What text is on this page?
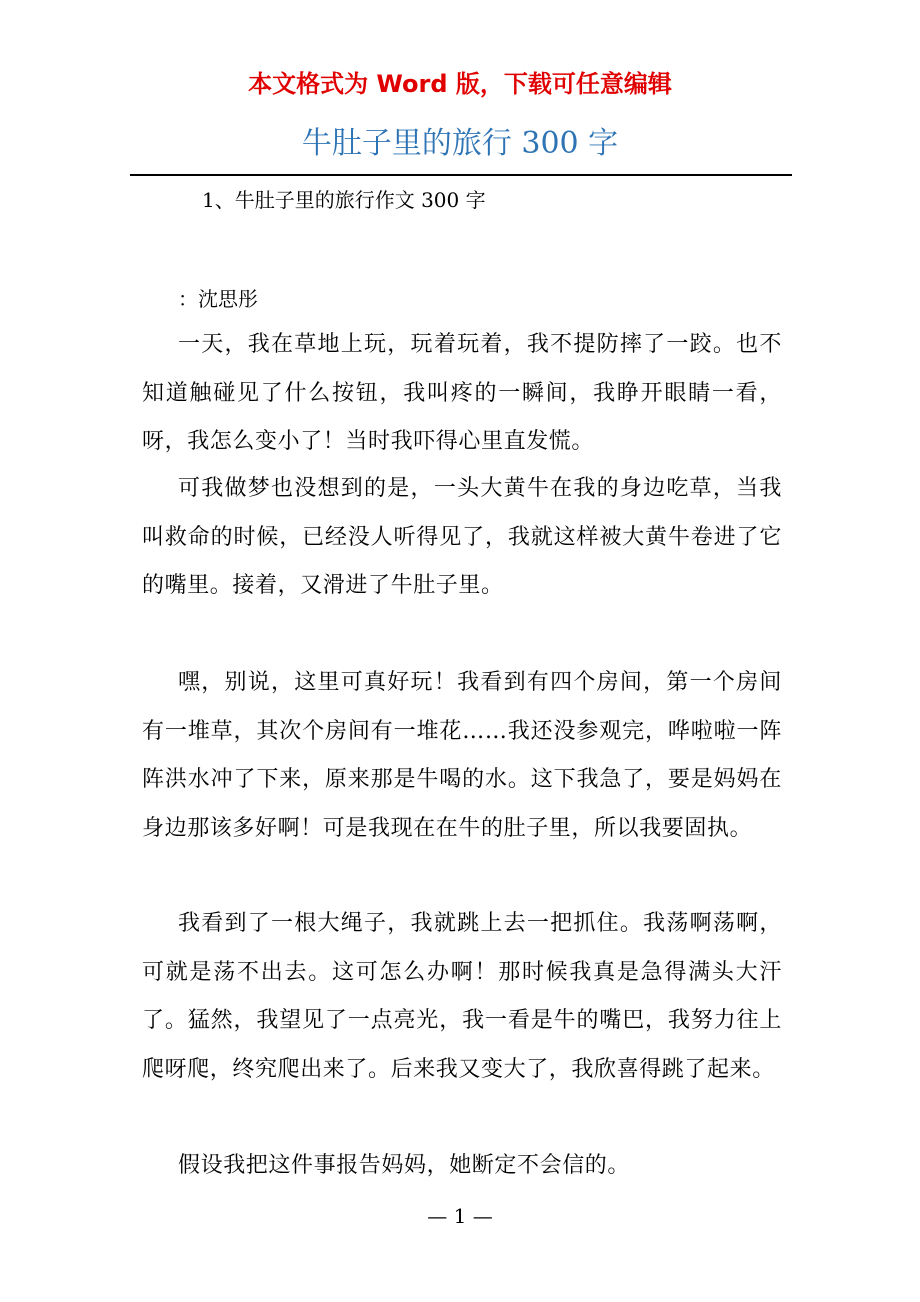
本文格式为 Word 版，下载可任意编辑
牛肚子里的旅行 300 字
1、牛肚子里的旅行作文 300 字
：沈思彤

一天，我在草地上玩，玩着玩着，我不提防摔了一跤。也不知道触碰见了什么按钮，我叫疼的一瞬间，我睁开眼睛一看，呀，我怎么变小了！当时我吓得心里直发慌。

可我做梦也没想到的是，一头大黄牛在我的身边吃草，当我叫救命的时候，已经没人听得见了，我就这样被大黄牛卷进了它的嘴里。接着，又滑进了牛肚子里。

嘿，别说，这里可真好玩！我看到有四个房间，第一个房间有一堆草，其次个房间有一堆花……我还没参观完，哗啦啦一阵阵洪水冲了下来，原来那是牛喝的水。这下我急了，要是妈妈在身边那该多好啊！可是我现在在牛的肚子里，所以我要固执。

我看到了一根大绳子，我就跳上去一把抓住。我荡啊荡啊，可就是荡不出去。这可怎么办啊！那时候我真是急得满头大汗了。猛然，我望见了一点亮光，我一看是牛的嘴巴，我努力往上爬呀爬，终究爬出来了。后来我又变大了，我欣喜得跳了起来。

假设我把这件事报告妈妈，她断定不会信的。

— 1 —
